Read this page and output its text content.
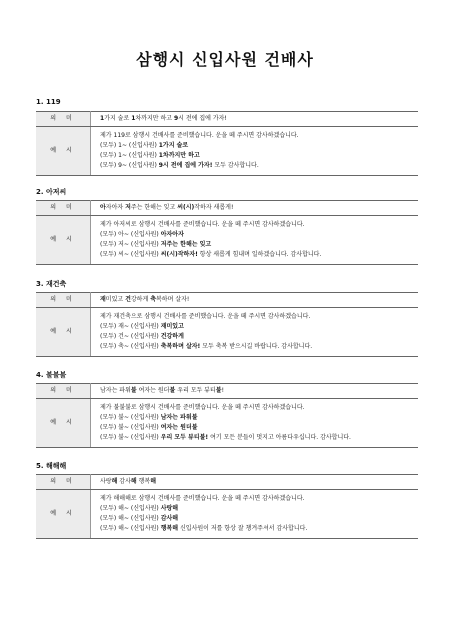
삼행시 신입사원 건배사
1. 119
의 미	1가지 술로 1차까지만 하고 9시 전에 집에 가자!
예 시	제가 119로 삼행시 건배사를 준비했습니다. 운을 떼 주시면 감사하겠습니다.
(모두) 1~ (신입사원) 1가지 술로
(모두) 1~ (신입사원) 1차까지만 하고
(모두) 9~ (신입사원) 9시 전에 집에 가자! 모두 감사합니다.
2. 아저씨
의 미	아자아자 저주는 한해는 잊고 씨(시)작하자 새롭게!
예 시	제가 아저씨로 삼행시 건배사를 준비했습니다. 운을 떼 주시면 감사하겠습니다.
(모두) 아~ (신입사원) 아자아자
(모두) 저~ (신입사원) 저주는 한해는 잊고
(모두) 씨~ (신입사원) 씨(시)작하자! 항상 새롭게 힘내며 일하겠습니다. 감사합니다.
3. 재건축
의 미	재미있고 건강하게 축복하며 살자!
예 시	제가 재건축으로 삼행시 건배사를 준비했습니다. 운을 떼 주시면 감사하겠습니다.
(모두) 재~ (신입사원) 재미있고
(모두) 건~ (신입사원) 건강하게
(모두) 축~ (신입사원) 축복하며 살자! 모두 축복 받으시길 바랍니다. 감사합니다.
4. 불불불
의 미	남자는 파워불 여자는 원더불 우리 모두 뷰티불!
예 시	제가 불불불로 삼행시 건배사를 준비했습니다. 운을 떼 주시면 감사하겠습니다.
(모두) 불~ (신입사원) 남자는 파워불
(모두) 불~ (신입사원) 여자는 원더불
(모두) 불~ (신입사원) 우리 모두 뷰티불! 여기 모든 분들이 멋지고 아름다우십니다. 감사합니다.
5. 해해해
의 미	사랑해 감사해 행복해
예 시	제가 해해해로 삼행시 건배사를 준비했습니다. 운을 떼 주시면 감사하겠습니다.
(모두) 해~ (신입사원) 사랑해
(모두) 해~ (신입사원) 감사해
(모두) 해~ (신입사원) 행복해 신입사원이 저를 항상 잘 챙겨주셔서 감사합니다.
